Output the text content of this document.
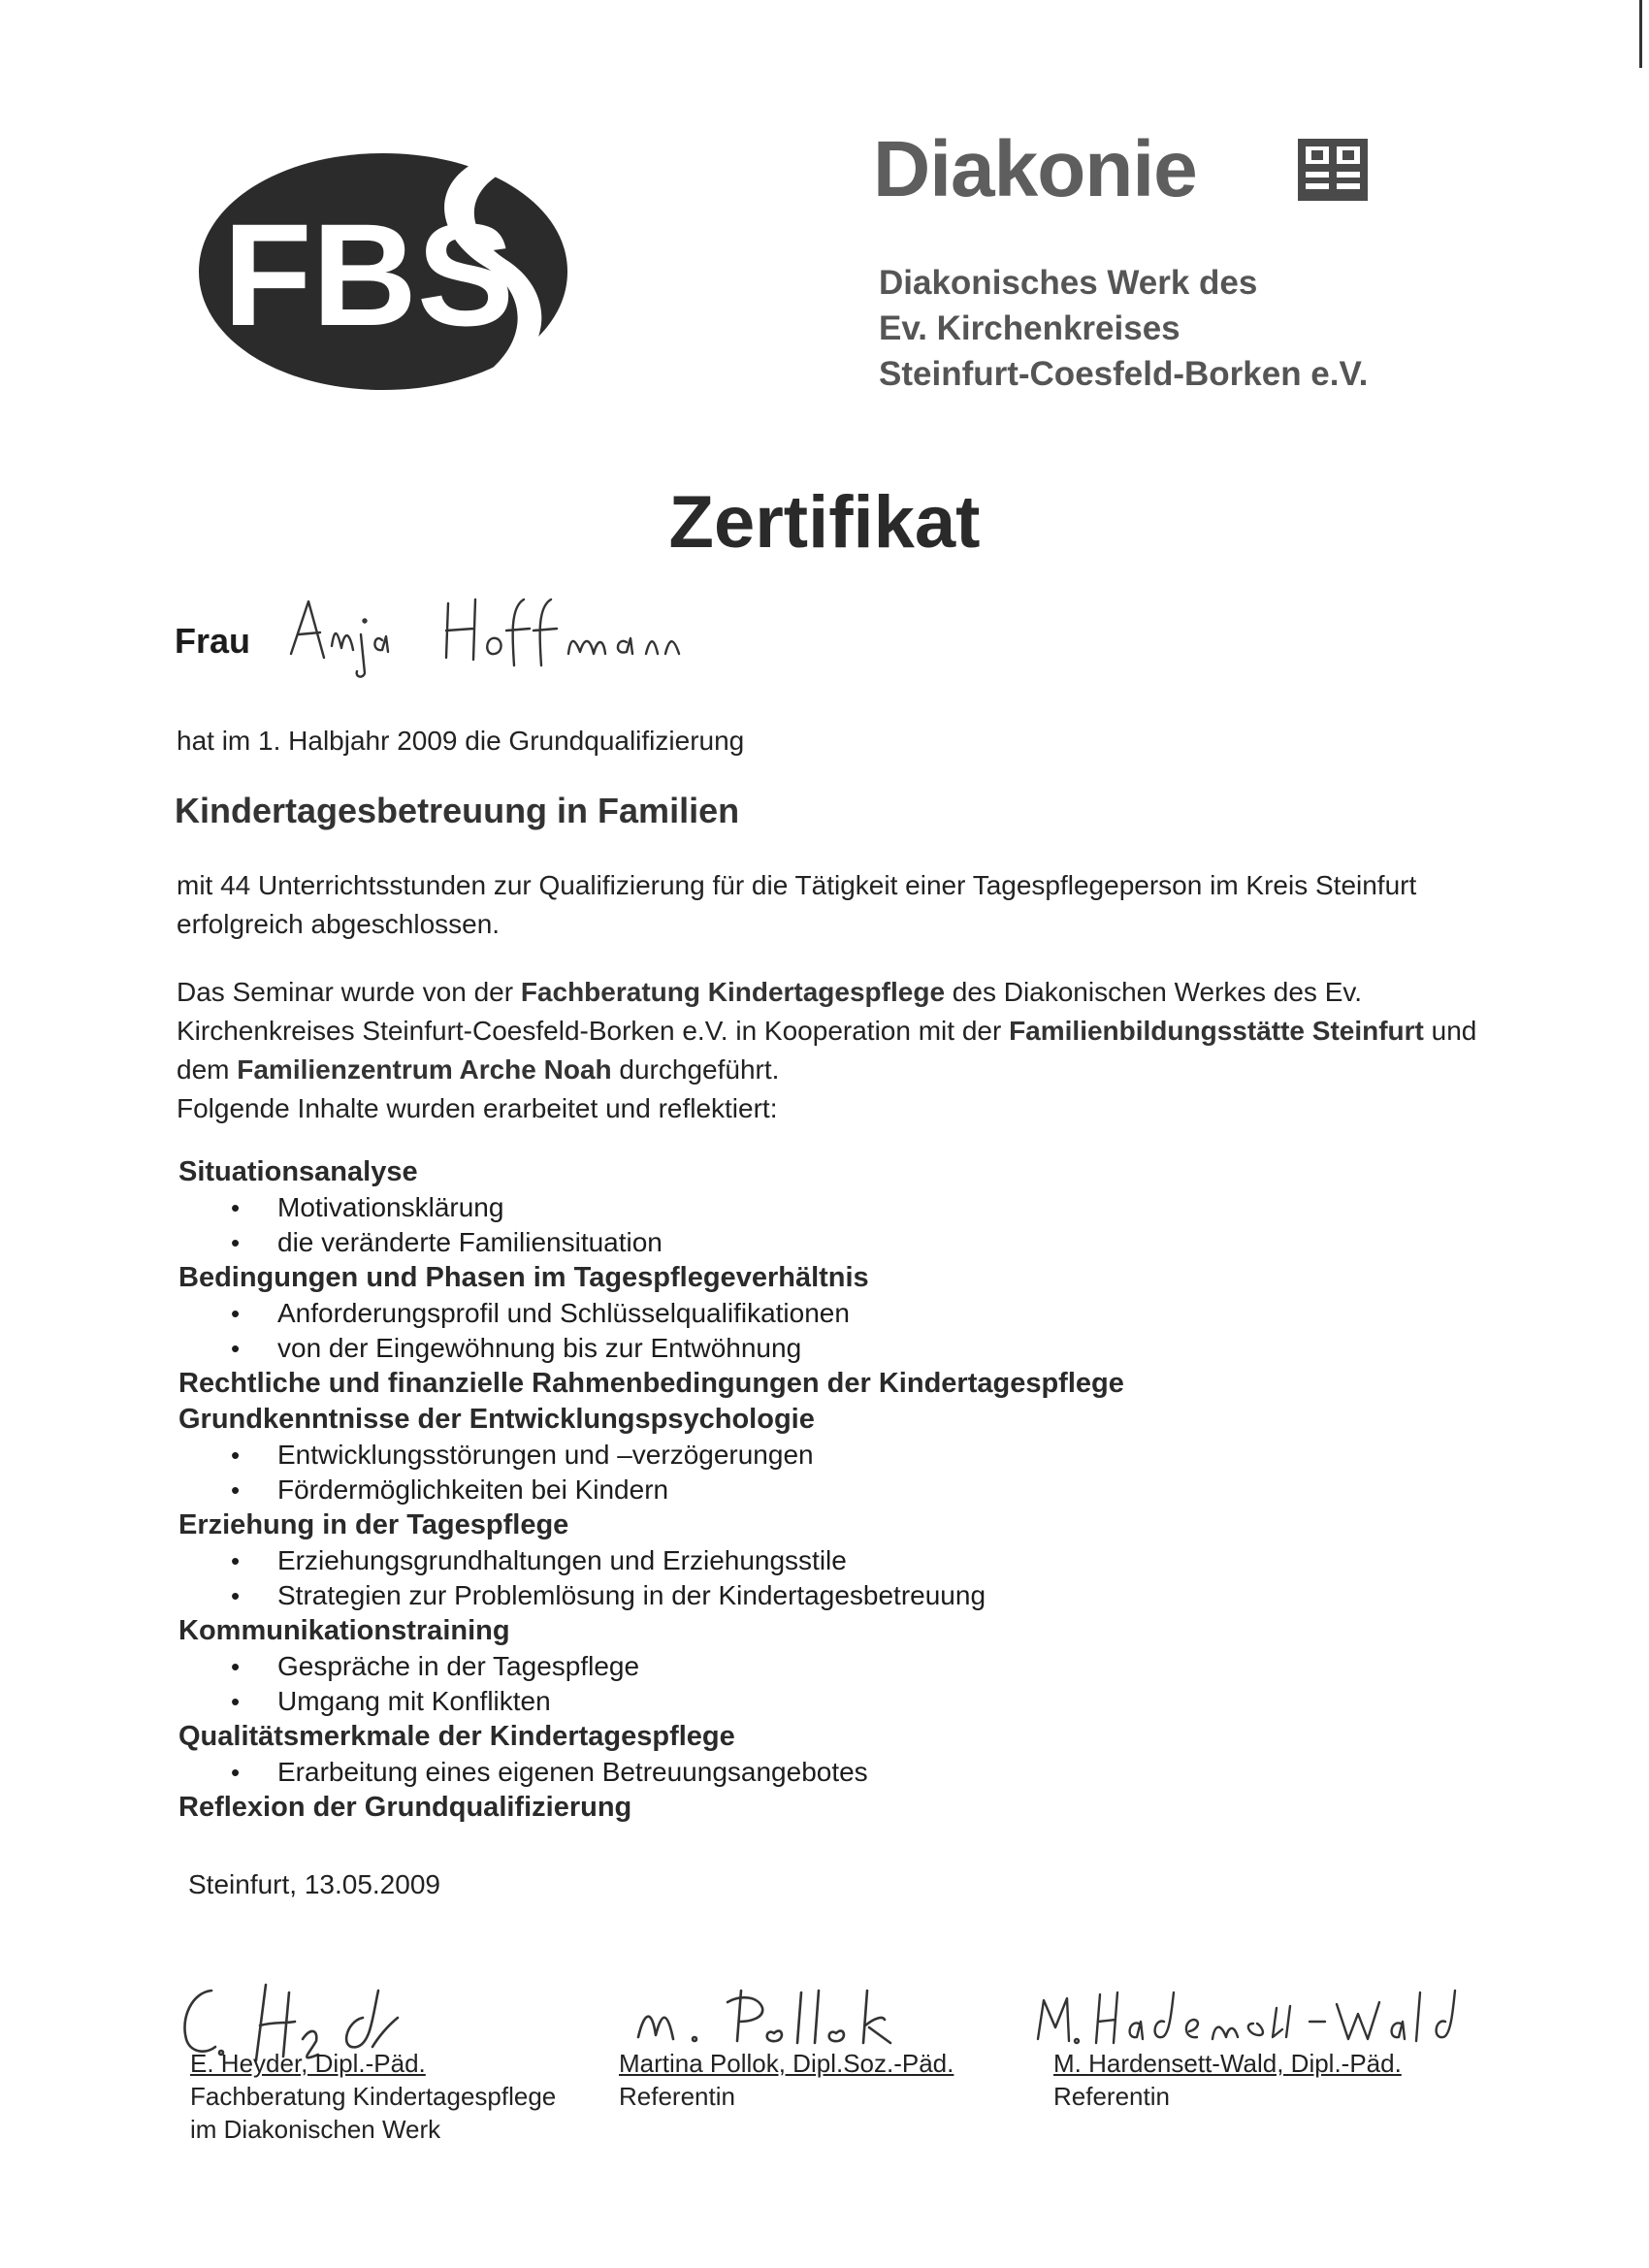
FBS
Diakonie
Diakonisches Werk des
Ev. Kirchenkreises
Steinfurt-Coesfeld-Borken e.V.
Zertifikat
Frau
hat im 1. Halbjahr 2009 die Grundqualifizierung
Kindertagesbetreuung in Familien
mit 44 Unterrichtsstunden zur Qualifizierung für die Tätigkeit einer Tagespflegeperson im Kreis Steinfurt erfolgreich abgeschlossen.
Das Seminar wurde von der Fachberatung Kindertagespflege des Diakonischen Werkes des Ev. Kirchenkreises Steinfurt-Coesfeld-Borken e.V. in Kooperation mit der Familienbildungsstätte Steinfurt und dem Familienzentrum Arche Noah durchgeführt.
Folgende Inhalte wurden erarbeitet und reflektiert:
Situationsanalyse
• Motivationsklärung
• die veränderte Familiensituation
Bedingungen und Phasen im Tagespflegeverhältnis
• Anforderungsprofil und Schlüsselqualifikationen
• von der Eingewöhnung bis zur Entwöhnung
Rechtliche und finanzielle Rahmenbedingungen der Kindertagespflege
Grundkenntnisse der Entwicklungspsychologie
• Entwicklungsstörungen und –verzögerungen
• Fördermöglichkeiten bei Kindern
Erziehung in der Tagespflege
• Erziehungsgrundhaltungen und Erziehungsstile
• Strategien zur Problemlösung in der Kindertagesbetreuung
Kommunikationstraining
• Gespräche in der Tagespflege
• Umgang mit Konflikten
Qualitätsmerkmale der Kindertagespflege
• Erarbeitung eines eigenen Betreuungsangebotes
Reflexion der Grundqualifizierung
Steinfurt, 13.05.2009
E. Heyder, Dipl.-Päd.
Fachberatung Kindertagespflege
im Diakonischen Werk
Martina Pollok, Dipl.Soz.-Päd.
Referentin
M. Hardensett-Wald, Dipl.-Päd.
Referentin
